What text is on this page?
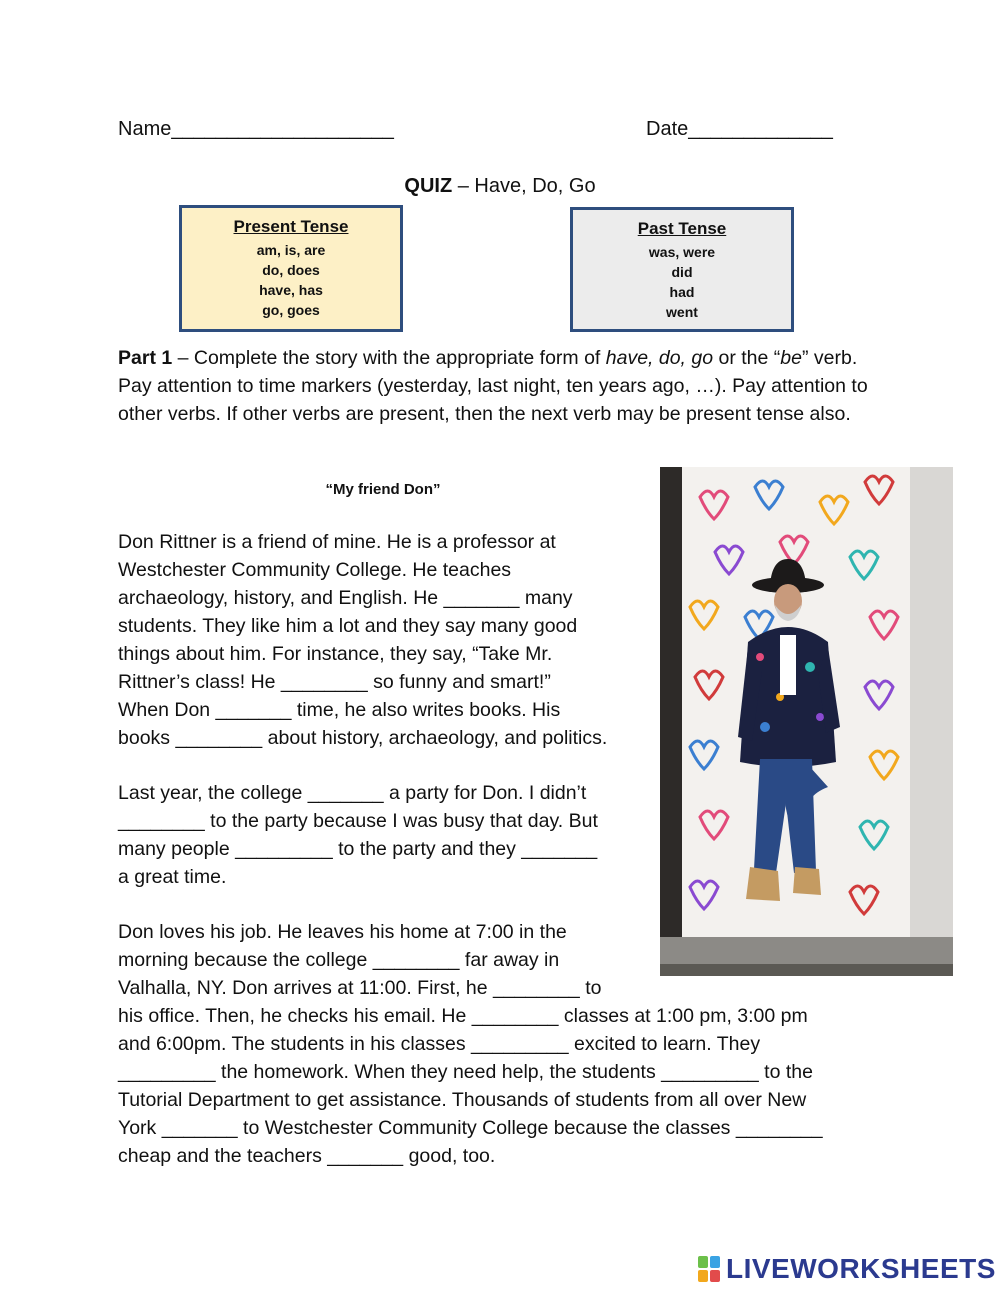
Name____________________	Date_____________
QUIZ – Have, Do, Go
Present Tense
am, is, are
do, does
have, has
go, goes
Past Tense
was, were
did
had
went
Part 1 – Complete the story with the appropriate form of have, do, go or the “be” verb. Pay attention to time markers (yesterday, last night, ten years ago, …). Pay attention to other verbs. If other verbs are present, then the next verb may be present tense also.
“My friend Don”
Don Rittner is a friend of mine. He is a professor at
Westchester Community College. He teaches
archaeology, history, and English. He _______ many
students. They like him a lot and they say many good
things about him. For instance, they say, “Take Mr.
Rittner’s class! He ________ so funny and smart!”
When Don _______ time, he also writes books. His
books ________ about history, archaeology, and politics.
Last year, the college _______ a party for Don. I didn’t
________ to the party because I was busy that day. But
many people _________ to the party and they _______
a great time.
Don loves his job. He leaves his home at 7:00 in the
morning because the college ________ far away in
Valhalla, NY. Don arrives at 11:00. First, he ________ to
his office. Then, he checks his email. He ________ classes at 1:00 pm, 3:00 pm
and 6:00pm. The students in his classes _________ excited to learn. They
_________ the homework. When they need help, the students _________ to the
Tutorial Department to get assistance. Thousands of students from all over New
York _______ to Westchester Community College because the classes ________
cheap and the teachers _______ good, too.
LIVEWORKSHEETS
